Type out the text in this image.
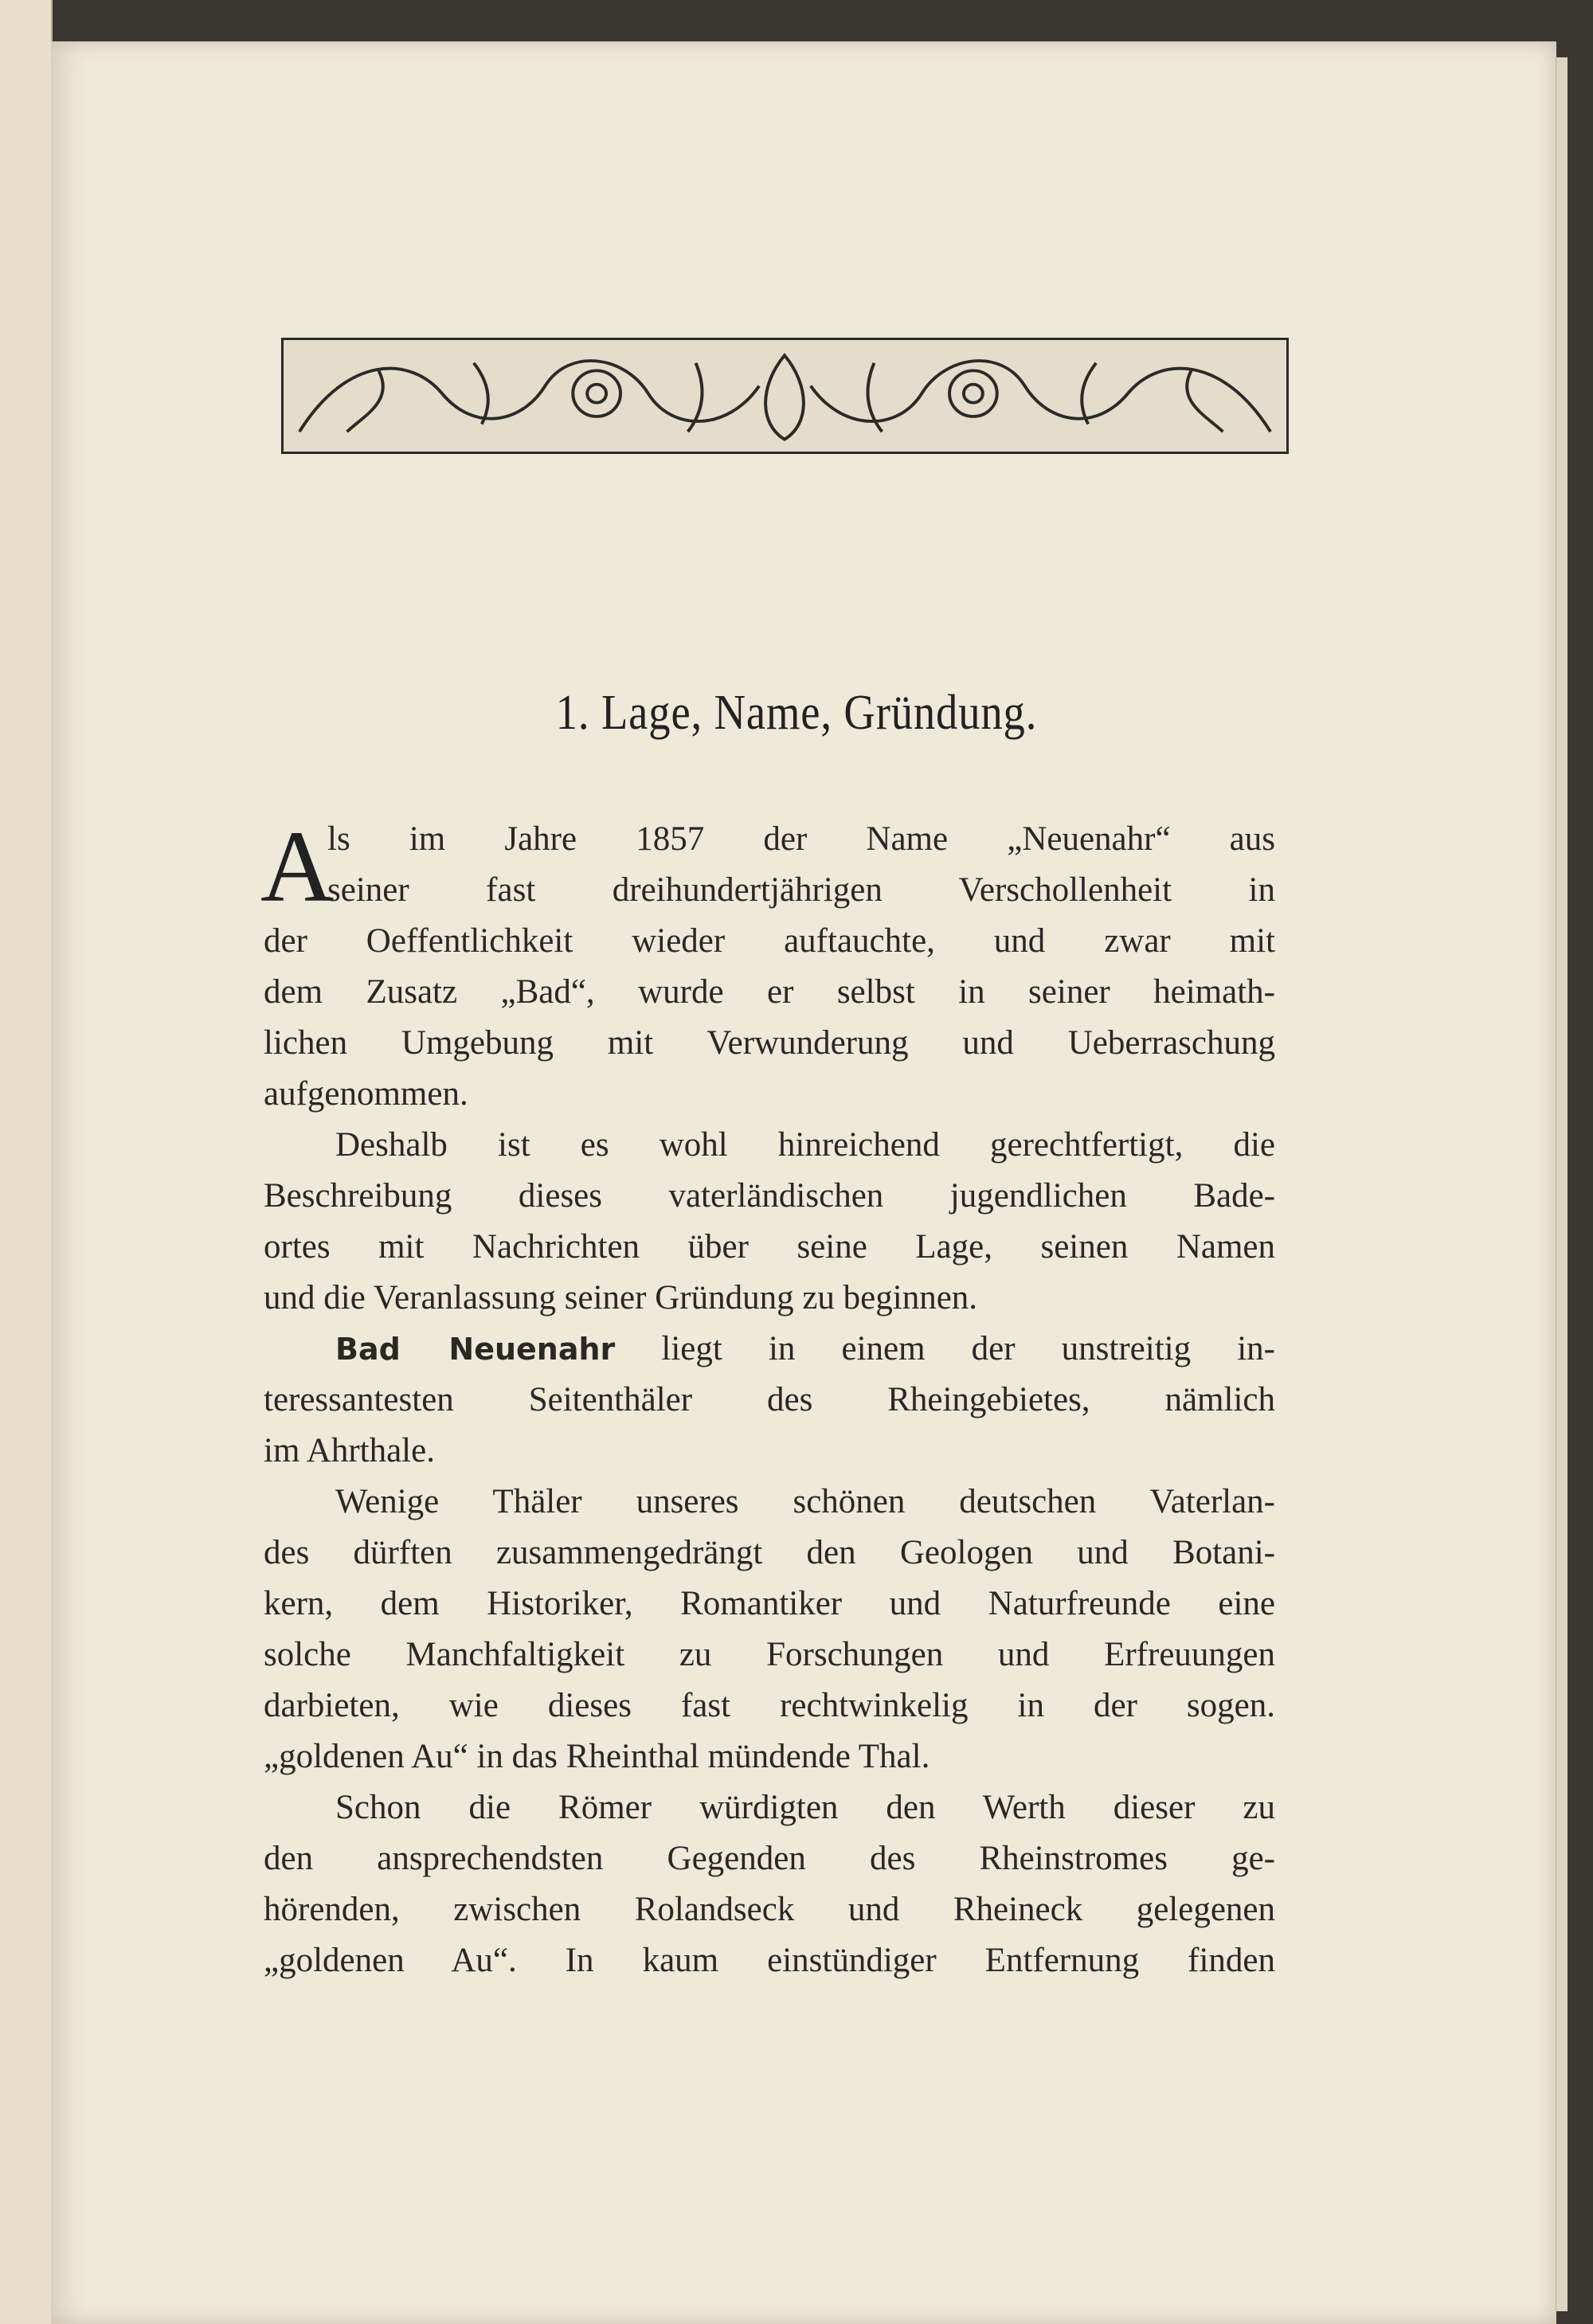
1. Lage, Name, Gründung.
A
ls im Jahre 1857 der Name „Neuenahr“ aus
seiner fast dreihundertjährigen Verschollenheit in
der Oeffentlichkeit wieder auftauchte, und zwar mit
dem Zusatz „Bad“, wurde er selbst in seiner heimath-
lichen Umgebung mit Verwunderung und Ueberraschung
aufgenommen.
Deshalb ist es wohl hinreichend gerechtfertigt, die
Beschreibung dieses vaterländischen jugendlichen Bade-
ortes mit Nachrichten über seine Lage, seinen Namen
und die Veranlassung seiner Gründung zu beginnen.
Bad Neuenahr liegt in einem der unstreitig in-
teressantesten Seitenthäler des Rheingebietes, nämlich
im Ahrthale.
Wenige Thäler unseres schönen deutschen Vaterlan-
des dürften zusammengedrängt den Geologen und Botani-
kern, dem Historiker, Romantiker und Naturfreunde eine
solche Manchfaltigkeit zu Forschungen und Erfreuungen
darbieten, wie dieses fast rechtwinkelig in der sogen.
„goldenen Au“ in das Rheinthal mündende Thal.
Schon die Römer würdigten den Werth dieser zu
den ansprechendsten Gegenden des Rheinstromes ge-
hörenden, zwischen Rolandseck und Rheineck gelegenen
„goldenen Au“. In kaum einstündiger Entfernung finden
